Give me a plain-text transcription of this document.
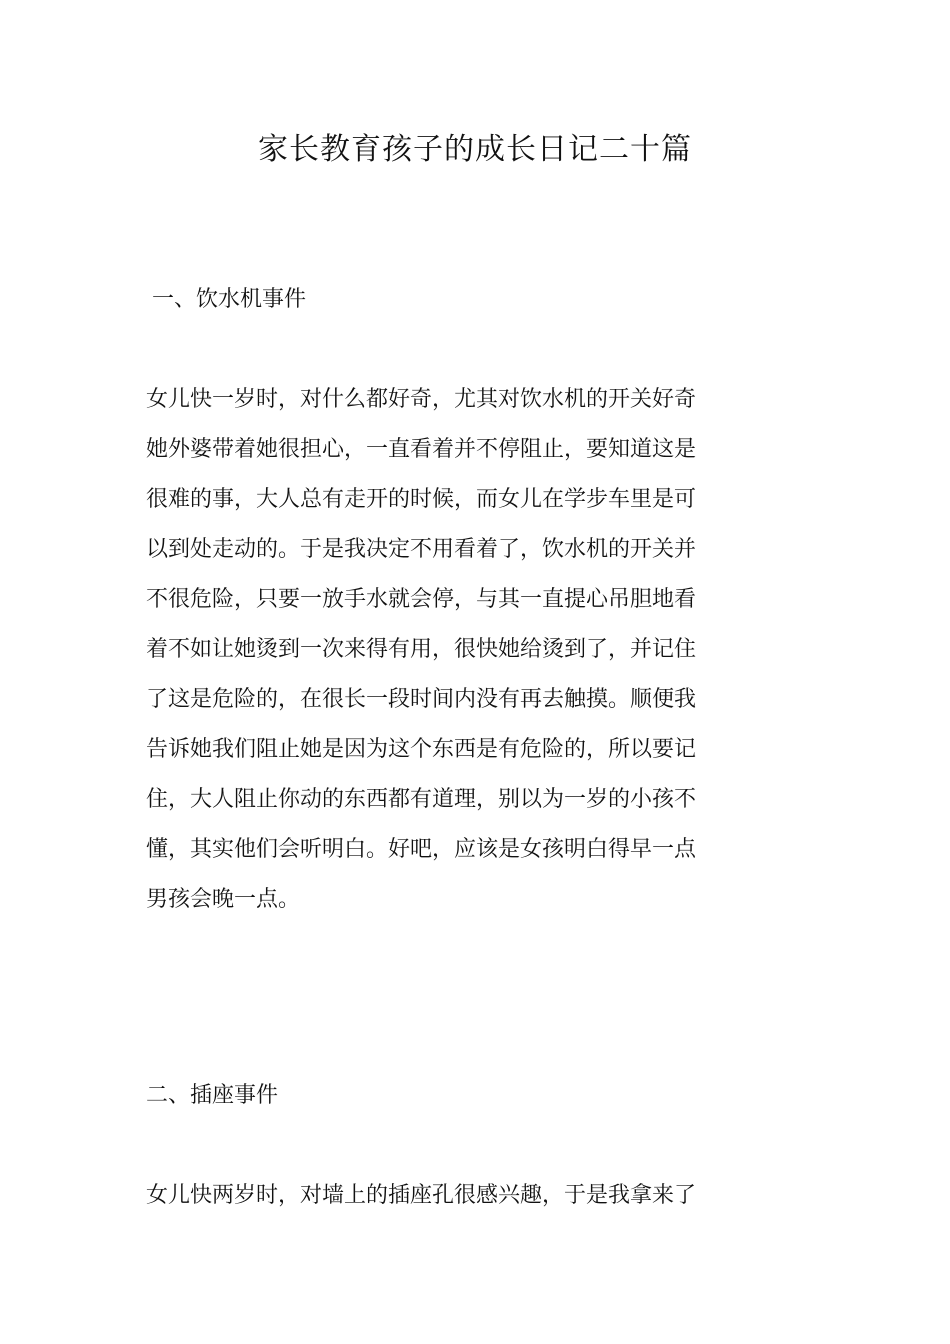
家长教育孩子的成长日记二十篇
一、饮水机事件
女儿快一岁时，对什么都好奇，尤其对饮水机的开关好奇
她外婆带着她很担心，一直看着并不停阻止，要知道这是
很难的事，大人总有走开的时候，而女儿在学步车里是可
以到处走动的。于是我决定不用看着了，饮水机的开关并
不很危险，只要一放手水就会停，与其一直提心吊胆地看
着不如让她烫到一次来得有用，很快她给烫到了，并记住
了这是危险的，在很长一段时间内没有再去触摸。顺便我
告诉她我们阻止她是因为这个东西是有危险的，所以要记
住，大人阻止你动的东西都有道理，别以为一岁的小孩不
懂，其实他们会听明白。好吧，应该是女孩明白得早一点
男孩会晚一点。
二、插座事件
女儿快两岁时，对墙上的插座孔很感兴趣，于是我拿来了
